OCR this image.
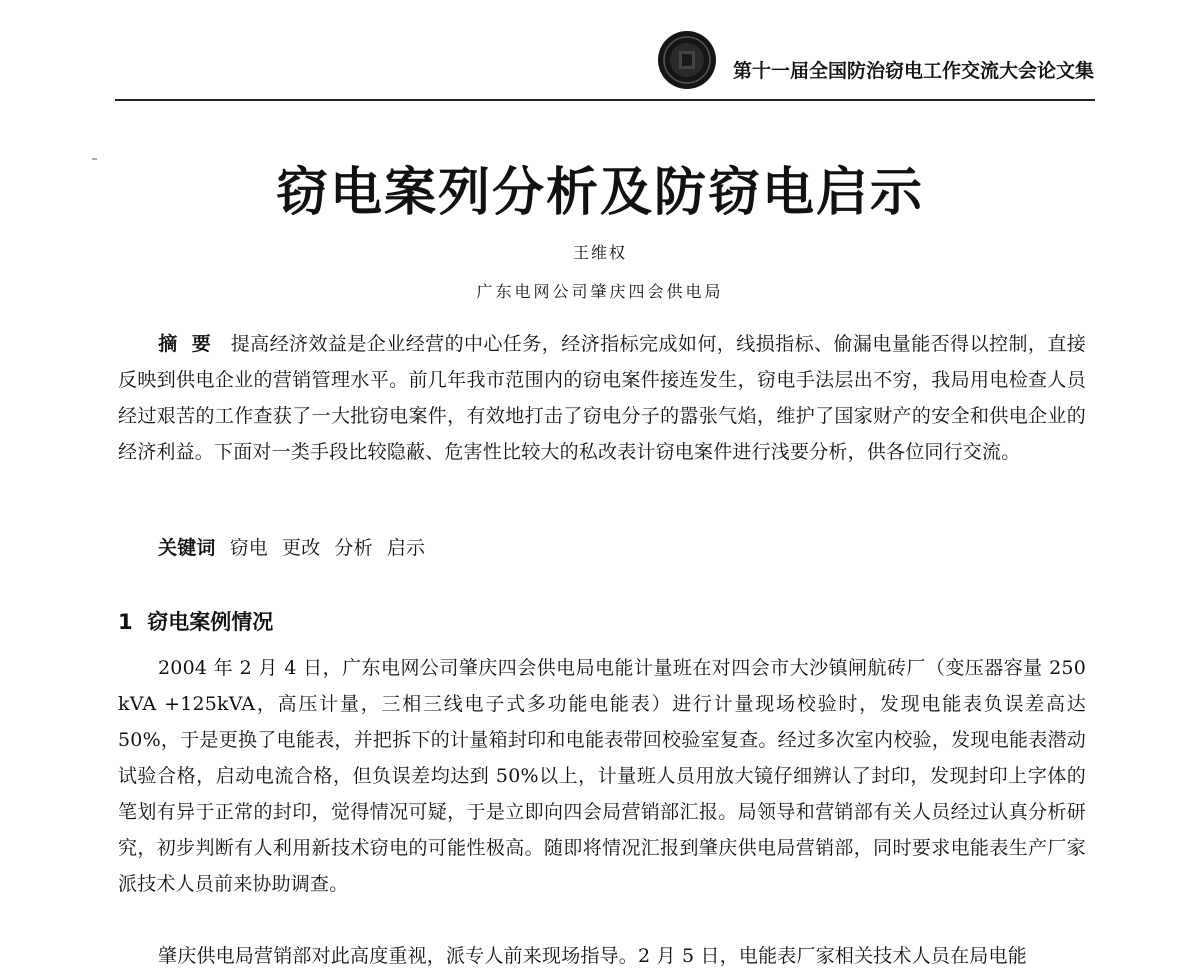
第十一届全国防治窃电工作交流大会论文集
窃电案列分析及防窃电启示
王维权
广东电网公司肇庆四会供电局

摘  要 提高经济效益是企业经营的中心任务，经济指标完成如何，线损指标、偷漏电量能否得以控制，直接反映到供电企业的营销管理水平。前几年我市范围内的窃电案件接连发生，窃电手法层出不穷，我局用电检查人员经过艰苦的工作查获了一大批窃电案件，有效地打击了窃电分子的嚣张气焰，维护了国家财产的安全和供电企业的经济利益。下面对一类手段比较隐蔽、危害性比较大的私改表计窃电案件进行浅要分析，供各位同行交流。

关键词 窃电 更改 分析 启示

1  窃电案例情况

2004 年 2 月 4 日，广东电网公司肇庆四会供电局电能计量班在对四会市大沙镇闸航砖厂（变压器容量 250 kVA +125kVA，高压计量，三相三线电子式多功能电能表）进行计量现场校验时，发现电能表负误差高达 50%，于是更换了电能表，并把拆下的计量箱封印和电能表带回校验室复查。经过多次室内校验，发现电能表潜动试验合格，启动电流合格，但负误差均达到 50%以上，计量班人员用放大镜仔细辨认了封印，发现封印上字体的笔划有异于正常的封印，觉得情况可疑，于是立即向四会局营销部汇报。局领导和营销部有关人员经过认真分析研究，初步判断有人利用新技术窃电的可能性极高。随即将情况汇报到肇庆供电局营销部，同时要求电能表生产厂家派技术人员前来协助调查。

肇庆供电局营销部对此高度重视，派专人前来现场指导。2 月 5 日，电能表厂家相关技术人员在局电能
